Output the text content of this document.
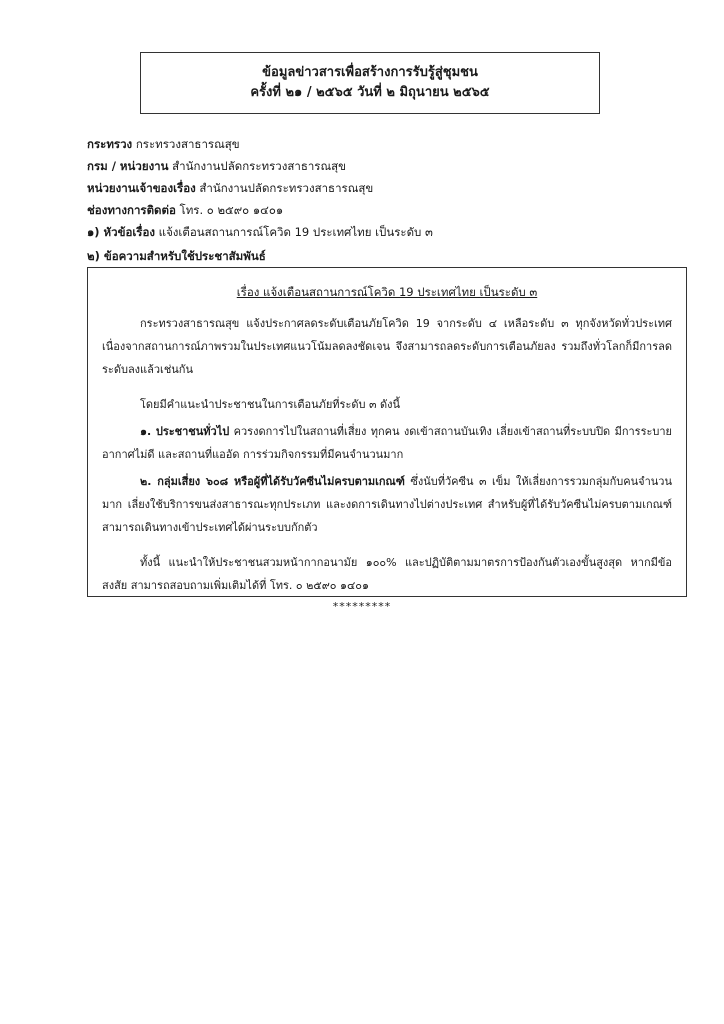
ข้อมูลข่าวสารเพื่อสร้างการรับรู้สู่ชุมชน
ครั้งที่ ๒๑ / ๒๕๖๕ วันที่ ๒ มิถุนายน ๒๕๖๕
กระทรวง กระทรวงสาธารณสุข
กรม / หน่วยงาน สำนักงานปลัดกระทรวงสาธารณสุข
หน่วยงานเจ้าของเรื่อง สำนักงานปลัดกระทรวงสาธารณสุข
ช่องทางการติดต่อ โทร. ๐ ๒๕๙๐ ๑๔๐๑
๑) หัวข้อเรื่อง แจ้งเตือนสถานการณ์โควิด 19 ประเทศไทย เป็นระดับ ๓
๒) ข้อความสำหรับใช้ประชาสัมพันธ์
เรื่อง แจ้งเตือนสถานการณ์โควิด 19 ประเทศไทย เป็นระดับ ๓

กระทรวงสาธารณสุข แจ้งประกาศลดระดับเตือนภัยโควิด 19 จากระดับ ๔ เหลือระดับ ๓ ทุกจังหวัดทั่วประเทศ เนื่องจากสถานการณ์ภาพรวมในประเทศแนวโน้มลดลงชัดเจน จึงสามารถลดระดับการเตือนภัยลง รวมถึงทั่วโลกก็มีการลดระดับลงแล้วเช่นกัน

โดยมีคำแนะนำประชาชนในการเตือนภัยที่ระดับ ๓ ดังนี้

๑. ประชาชนทั่วไป ควรงดการไปในสถานที่เสี่ยง ทุกคน งดเข้าสถานบันเทิง เลี่ยงเข้าสถานที่ระบบปิด มีการระบายอากาศไม่ดี และสถานที่แออัด การร่วมกิจกรรมที่มีคนจำนวนมาก

๒. กลุ่มเสี่ยง ๖๐๘ หรือผู้ที่ได้รับวัคซีนไม่ครบตามเกณฑ์ ซึ่งนับที่วัคซีน ๓ เข็ม ให้เลี่ยงการรวมกลุ่มกับคนจำนวนมาก เลี่ยงใช้บริการขนส่งสาธารณะทุกประเภท และงดการเดินทางไปต่างประเทศ สำหรับผู้ที่ได้รับวัคซีนไม่ครบตามเกณฑ์ สามารถเดินทางเข้าประเทศได้ผ่านระบบกักตัว

ทั้งนี้ แนะนำให้ประชาชนสวมหน้ากากอนามัย ๑๐๐% และปฏิบัติตามมาตรการป้องกันตัวเองขั้นสูงสุด หากมีข้อสงสัย สามารถสอบถามเพิ่มเติมได้ที่ โทร. ๐ ๒๕๙๐ ๑๔๐๑

*********
